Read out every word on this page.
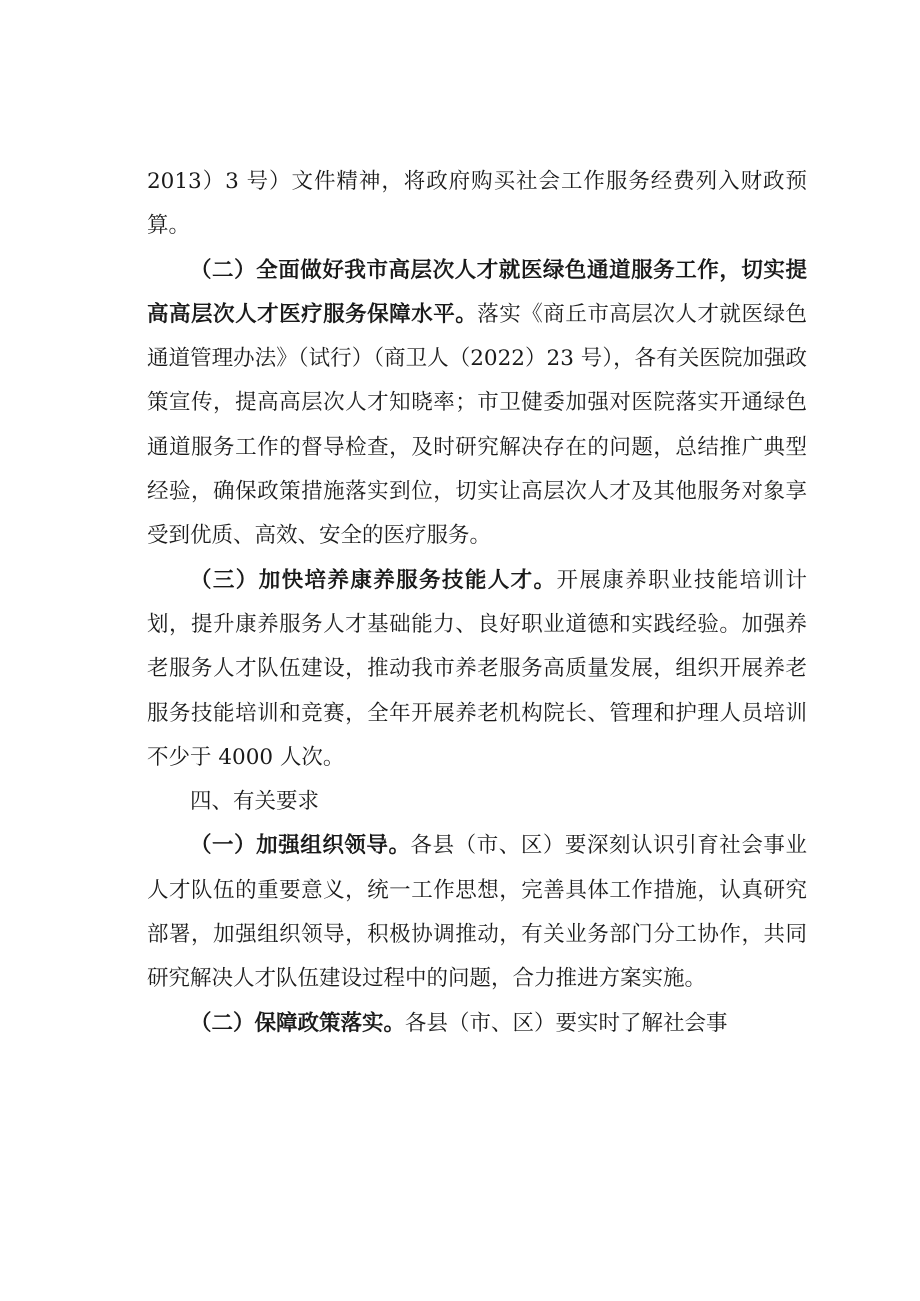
2013）3 号）文件精神，将政府购买社会工作服务经费列入财政预算。

（二）全面做好我市高层次人才就医绿色通道服务工作，切实提高高层次人才医疗服务保障水平。落实《商丘市高层次人才就医绿色通道管理办法》（试行）（商卫人（2022）23 号），各有关医院加强政策宣传，提高高层次人才知晓率；市卫健委加强对医院落实开通绿色通道服务工作的督导检查，及时研究解决存在的问题，总结推广典型经验，确保政策措施落实到位，切实让高层次人才及其他服务对象享受到优质、高效、安全的医疗服务。

（三）加快培养康养服务技能人才。开展康养职业技能培训计划，提升康养服务人才基础能力、良好职业道德和实践经验。加强养老服务人才队伍建设，推动我市养老服务高质量发展，组织开展养老服务技能培训和竞赛，全年开展养老机构院长、管理和护理人员培训不少于 4000 人次。

四、有关要求

（一）加强组织领导。各县（市、区）要深刻认识引育社会事业人才队伍的重要意义，统一工作思想，完善具体工作措施，认真研究部署，加强组织领导，积极协调推动，有关业务部门分工协作，共同研究解决人才队伍建设过程中的问题，合力推进方案实施。

（二）保障政策落实。各县（市、区）要实时了解社会事
